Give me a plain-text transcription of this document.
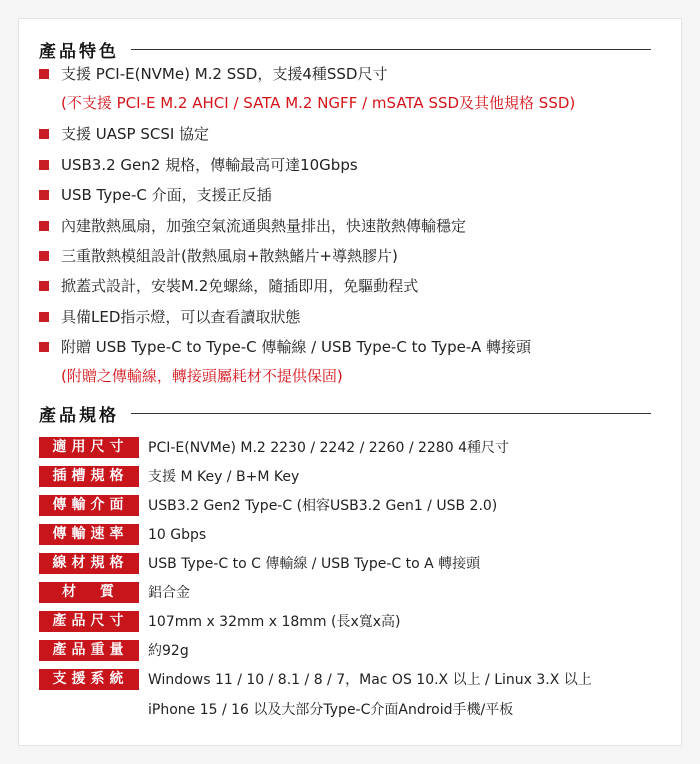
產品特色
支援 PCI-E(NVMe) M.2 SSD，支援4種SSD尺寸
(不支援 PCI-E M.2 AHCI / SATA M.2 NGFF / mSATA SSD及其他規格 SSD)
支援 UASP SCSI 協定
USB3.2 Gen2 規格，傳輸最高可達10Gbps
USB Type-C 介面，支援正反插
內建散熱風扇，加強空氣流通與熱量排出，快速散熱傳輸穩定
三重散熱模組設計(散熱風扇+散熱鰭片+導熱膠片)
掀蓋式設計，安裝M.2免螺絲，隨插即用，免驅動程式
具備LED指示燈，可以查看讀取狀態
附贈 USB Type-C to Type-C 傳輸線 / USB Type-C to Type-A 轉接頭
(附贈之傳輸線，轉接頭屬耗材不提供保固)
產品規格
適用尺寸	PCI-E(NVMe) M.2 2230 / 2242 / 2260 / 2280 4種尺寸
插槽規格	支援 M Key / B+M Key
傳輸介面	USB3.2 Gen2 Type-C (相容USB3.2 Gen1 / USB 2.0)
傳輸速率	10 Gbps
線材規格	USB Type-C to C 傳輸線 / USB Type-C to A 轉接頭
材　質	鋁合金
產品尺寸	107mm x 32mm x 18mm (長x寬x高)
產品重量	約92g
支援系統	Windows 11 / 10 / 8.1 / 8 / 7，Mac OS 10.X 以上 / Linux 3.X 以上
iPhone 15 / 16 以及大部分Type-C介面Android手機/平板
